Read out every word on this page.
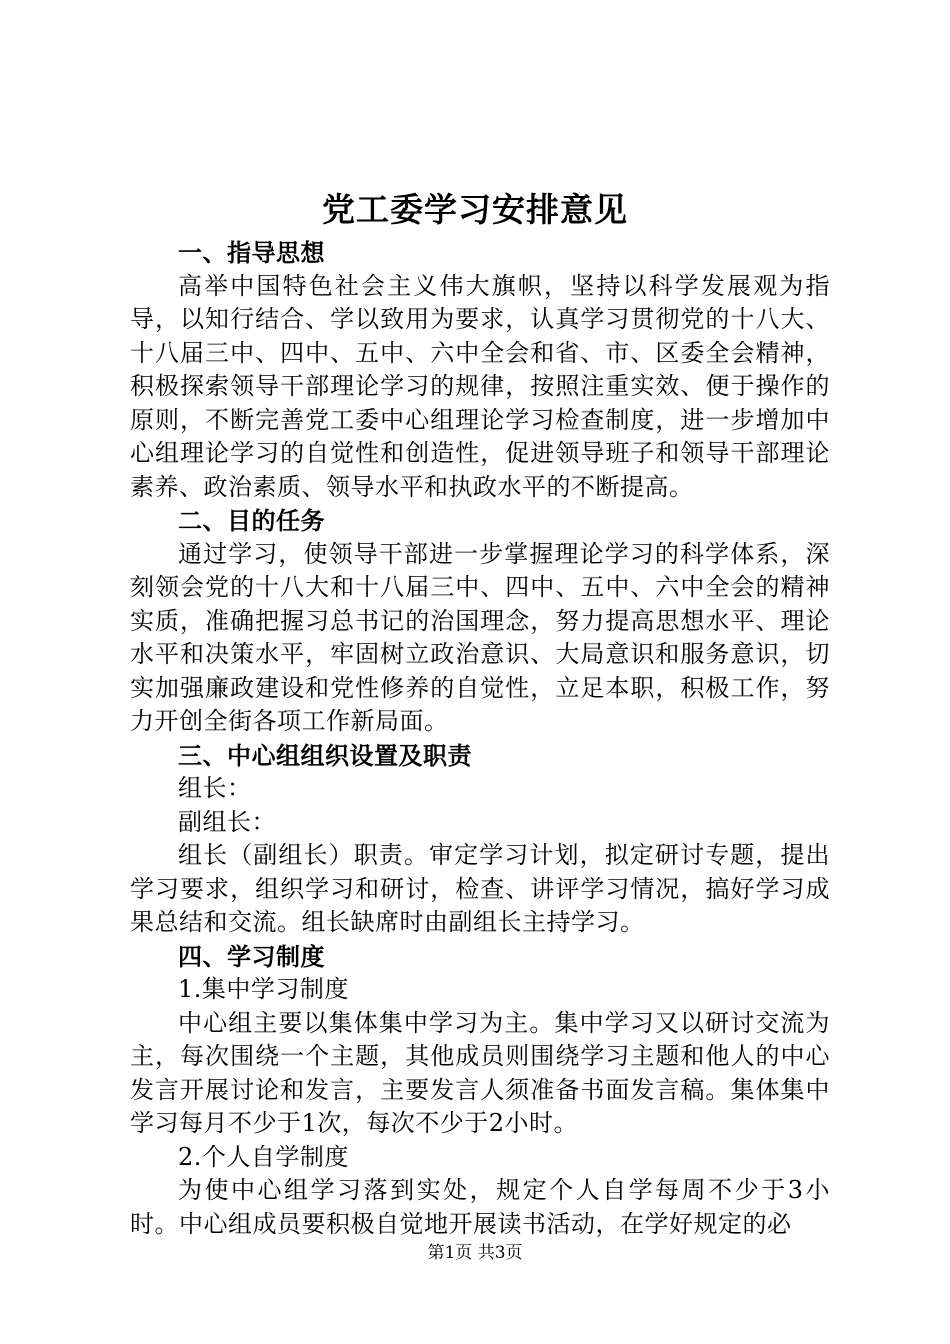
党工委学习安排意见

一、指导思想

高举中国特色社会主义伟大旗帜，坚持以科学发展观为指导，以知行结合、学以致用为要求，认真学习贯彻党的十八大、十八届三中、四中、五中、六中全会和省、市、区委全会精神，积极探索领导干部理论学习的规律，按照注重实效、便于操作的原则，不断完善党工委中心组理论学习检查制度，进一步增加中心组理论学习的自觉性和创造性，促进领导班子和领导干部理论素养、政治素质、领导水平和执政水平的不断提高。

二、目的任务

通过学习，使领导干部进一步掌握理论学习的科学体系，深刻领会党的十八大和十八届三中、四中、五中、六中全会的精神实质，准确把握习总书记的治国理念，努力提高思想水平、理论水平和决策水平，牢固树立政治意识、大局意识和服务意识，切实加强廉政建设和党性修养的自觉性，立足本职，积极工作，努力开创全街各项工作新局面。

三、中心组组织设置及职责

组长：

副组长：

组长（副组长）职责。审定学习计划，拟定研讨专题，提出学习要求，组织学习和研讨，检查、讲评学习情况，搞好学习成果总结和交流。组长缺席时由副组长主持学习。

四、学习制度

1.集中学习制度

中心组主要以集体集中学习为主。集中学习又以研讨交流为主，每次围绕一个主题，其他成员则围绕学习主题和他人的中心发言开展讨论和发言，主要发言人须准备书面发言稿。集体集中学习每月不少于1次，每次不少于2小时。

2.个人自学制度

为使中心组学习落到实处，规定个人自学每周不少于3小时。中心组成员要积极自觉地开展读书活动，在学好规定的必

第1页 共3页
